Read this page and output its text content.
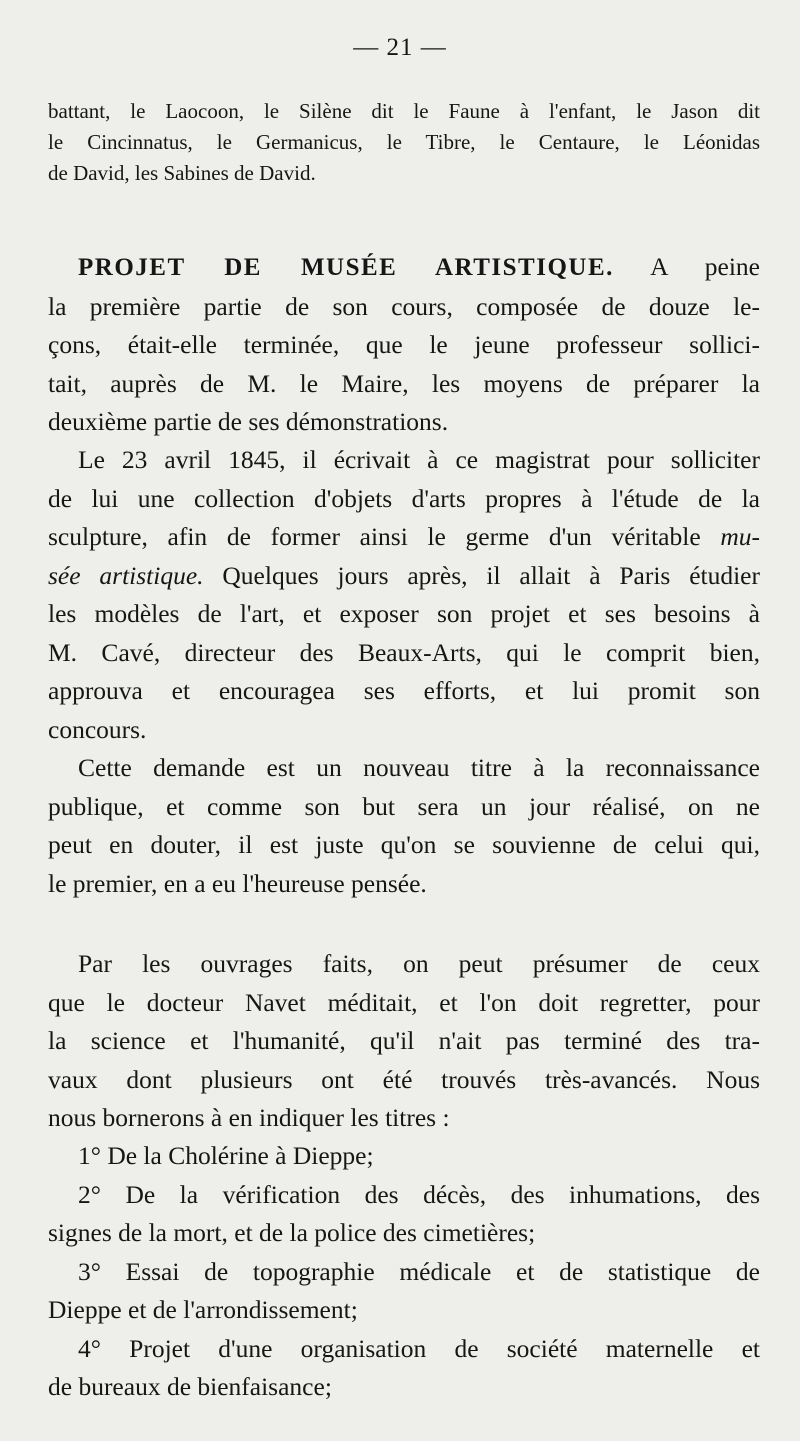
— 21 —
battant, le Laocoon, le Silène dit le Faune à l'enfant, le Jason dit
le Cincinnatus, le Germanicus, le Tibre, le Centaure, le Léonidas
de David, les Sabines de David.
PROJET DE MUSÉE ARTISTIQUE. A peine
la première partie de son cours, composée de douze le-
çons, était-elle terminée, que le jeune professeur sollici-
tait, auprès de M. le Maire, les moyens de préparer la
deuxième partie de ses démonstrations.
Le 23 avril 1845, il écrivait à ce magistrat pour solliciter
de lui une collection d'objets d'arts propres à l'étude de la
sculpture, afin de former ainsi le germe d'un véritable mu-
sée artistique. Quelques jours après, il allait à Paris étudier
les modèles de l'art, et exposer son projet et ses besoins à
M. Cavé, directeur des Beaux-Arts, qui le comprit bien,
approuva et encouragea ses efforts, et lui promit son
concours.
Cette demande est un nouveau titre à la reconnaissance
publique, et comme son but sera un jour réalisé, on ne
peut en douter, il est juste qu'on se souvienne de celui qui,
le premier, en a eu l'heureuse pensée.
Par les ouvrages faits, on peut présumer de ceux
que le docteur Navet méditait, et l'on doit regretter, pour
la science et l'humanité, qu'il n'ait pas terminé des tra-
vaux dont plusieurs ont été trouvés très-avancés. Nous
nous bornerons à en indiquer les titres :
1° De la Cholérine à Dieppe;
2° De la vérification des décès, des inhumations, des
signes de la mort, et de la police des cimetières;
3° Essai de topographie médicale et de statistique de
Dieppe et de l'arrondissement;
4° Projet d'une organisation de société maternelle et
de bureaux de bienfaisance;
